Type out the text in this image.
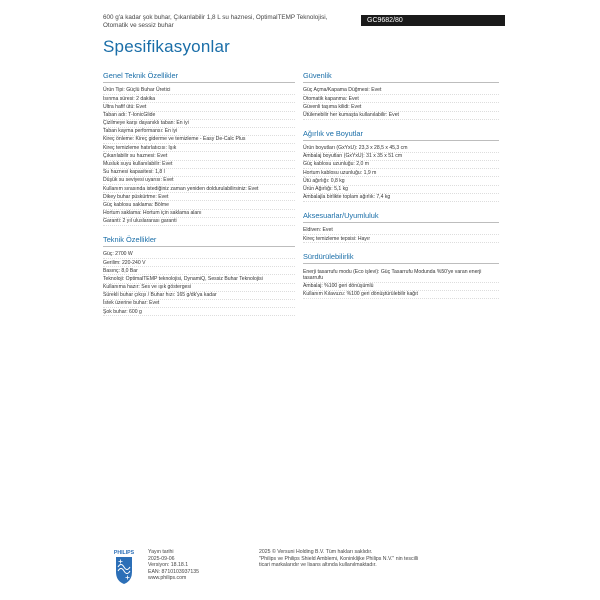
600 g'a kadar şok buhar, Çıkarılabilir 1,8 L su haznesi, OptimalTEMP Teknolojisi, Otomatik ve sessiz buhar
GC9682/80
Spesifikasyonlar
Genel Teknik Özellikler
Ürün Tipi: Güçlü Buhar Üretici
Isınma süresi: 2 dakika
Ultra hafif ütü: Evet
Taban adı: T-IonicGlide
Çizilmeye karşı dayanıklı taban: En iyi
Taban kayma performansı: En iyi
Kireç önleme: Kireç giderme ve temizleme - Easy De-Calc Plus
Kireç temizleme hatırlatıcısı: Işık
Çıkarılabilir su haznesi: Evet
Musluk suyu kullanılabilir: Evet
Su haznesi kapasitesi: 1,8 l
Düşük su seviyesi uyarısı: Evet
Kullanım sırasında istediğiniz zaman yeniden doldurulabilirsiniz: Evet
Dikey buhar püskürtme: Evet
Güç kablosu saklama: Bölme
Hortum saklama: Hortum için saklama alanı
Garanti: 2 yıl uluslararası garanti
Teknik Özellikler
Güç: 2700 W
Gerilim: 220-240 V
Basınç: 8,0 Bar
Teknoloji: OptimalTEMP teknolojisi, DynamiQ, Sessiz Buhar Teknolojisi
Kullanıma hazır: Ses ve ışık göstergesi
Sürekli buhar çıkışı / Buhar hızı: 165 g/dk'ya kadar
İstek üzerine buhar: Evet
Şok buhar: 600 g
Güvenlik
Güç Açma/Kapama Düğmesi: Evet
Otomatik kapanma: Evet
Güvenli taşıma kilidi: Evet
Ütülenebilir her kumaşta kullanılabilir: Evet
Ağırlık ve Boyutlar
Ürün boyutları (GxYxU): 23,3 x 28,5 x 45,3 cm
Ambalaj boyutları (GxYxU): 31 x 35 x 51 cm
Güç kablosu uzunluğu: 2,0 m
Hortum kablosu uzunluğu: 1,9 m
Ütü ağırlığı: 0,8 kg
Ürün Ağırlığı: 5,1 kg
Ambalajla birlikte toplam ağırlık: 7,4 kg
Aksesuarlar/Uyumluluk
Eldiven: Evet
Kireç temizleme tepsisi: Hayır
Sürdürülebilirlik
Enerji tasarrufu modu (Eco işlevi): Güç Tasarrufu Modunda %50'ye varan enerji tasarrufu
Ambalaj: %100 geri dönüşümlü
Kullanım Kılavuzu: %100 geri dönüştürülebilir kağıt
PHILIPS	Yayın tarihi
2025-09-06
Versiyon: 18.18.1
EAN: 8710103937135
www.philips.com
2025 © Versuni Holding B.V. Tüm hakları saklıdır.
"Philips ve Philips Shield Amblemi, Koninklijke Philips N.V." nin tescilli
ticari markalarıdır ve lisans altında kullanılmaktadır.
